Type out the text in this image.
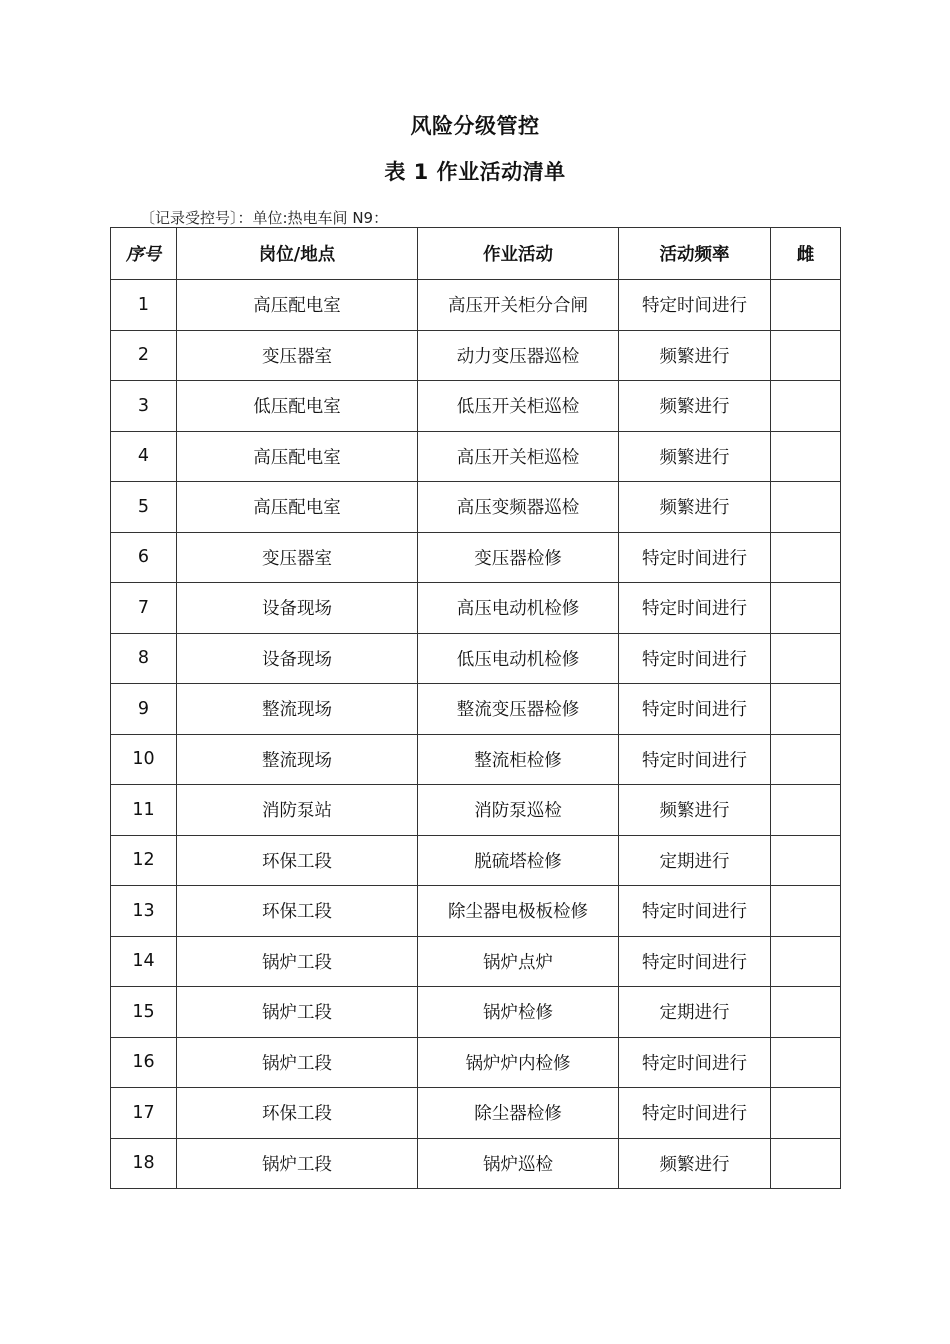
风险分级管控
表 1 作业活动清单
〔记录受控号〕：单位:热电车间 N9：
序号	岗位/地点	作业活动	活动频率	雌
1	高压配电室	高压开关柜分合闸	特定时间进行	
2	变压器室	动力变压器巡检	频繁进行	
3	低压配电室	低压开关柜巡检	频繁进行	
4	高压配电室	高压开关柜巡检	频繁进行	
5	高压配电室	高压变频器巡检	频繁进行	
6	变压器室	变压器检修	特定时间进行	
7	设备现场	高压电动机检修	特定时间进行	
8	设备现场	低压电动机检修	特定时间进行	
9	整流现场	整流变压器检修	特定时间进行	
10	整流现场	整流柜检修	特定时间进行	
11	消防泵站	消防泵巡检	频繁进行	
12	环保工段	脱硫塔检修	定期进行	
13	环保工段	除尘器电极板检修	特定时间进行	
14	锅炉工段	锅炉点炉	特定时间进行	
15	锅炉工段	锅炉检修	定期进行	
16	锅炉工段	锅炉炉内检修	特定时间进行	
17	环保工段	除尘器检修	特定时间进行	
18	锅炉工段	锅炉巡检	频繁进行	
